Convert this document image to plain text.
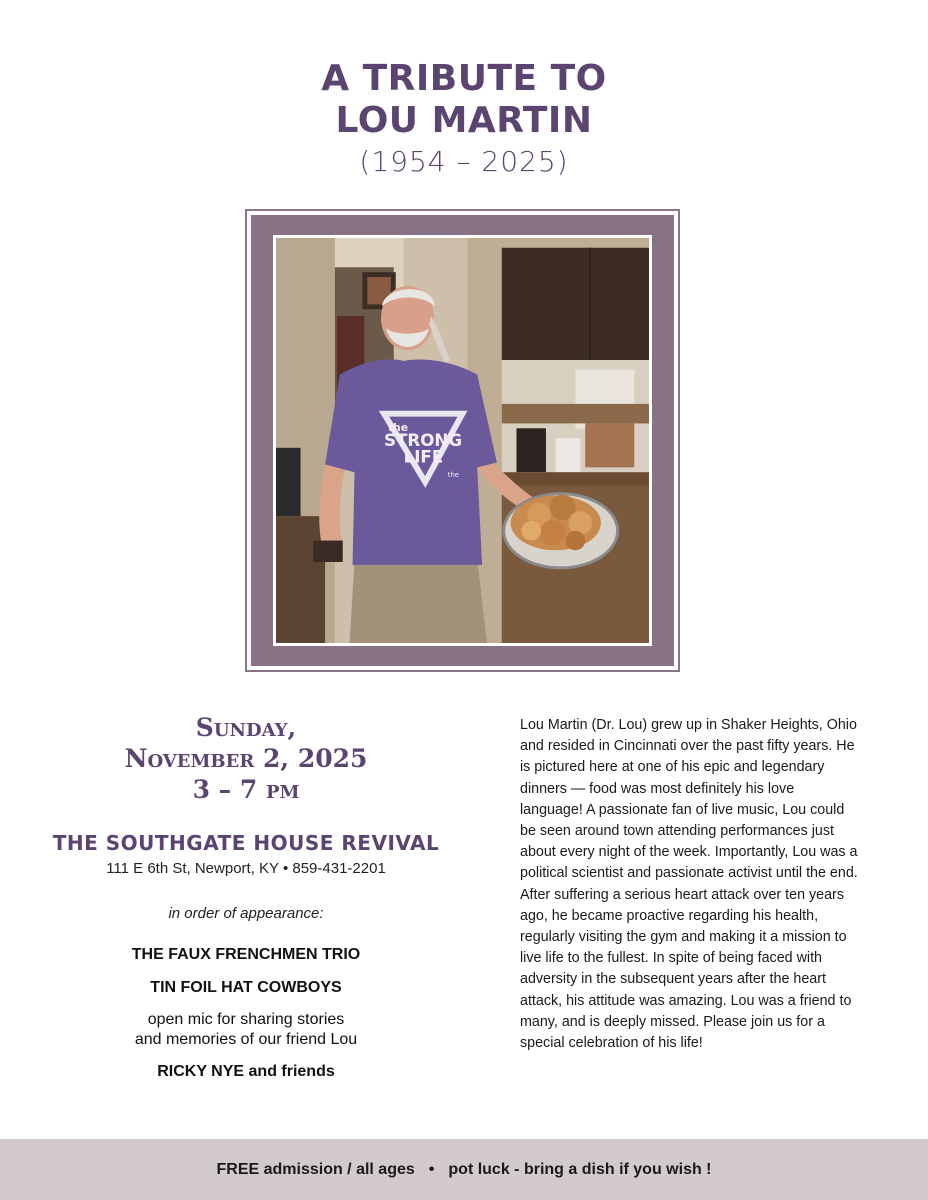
A TRIBUTE TO
LOU MARTIN
(1954 – 2025)
the
STRONG
LIFE
the
Sunday,
November 2, 2025
3 – 7 pm
THE SOUTHGATE HOUSE REVIVAL
111 E 6th St, Newport, KY • 859-431-2201
in order of appearance:
THE FAUX FRENCHMEN TRIO
TIN FOIL HAT COWBOYS
open mic for sharing stories
and memories of our friend Lou
RICKY NYE and friends
Lou Martin (Dr. Lou) grew up in Shaker Heights, Ohio and resided in Cincinnati over the past fifty years. He is pictured here at one of his epic and legendary dinners — food was most definitely his love language! A passionate fan of live music, Lou could be seen around town attending performances just about every night of the week. Importantly, Lou was a political scientist and passionate activist until the end. After suffering a serious heart attack over ten years ago, he became proactive regarding his health, regularly visiting the gym and making it a mission to live life to the fullest. In spite of being faced with adversity in the subsequent years after the heart attack, his attitude was amazing. Lou was a friend to many, and is deeply missed. Please join us for a special celebration of his life!
FREE admission / all ages • pot luck - bring a dish if you wish !
